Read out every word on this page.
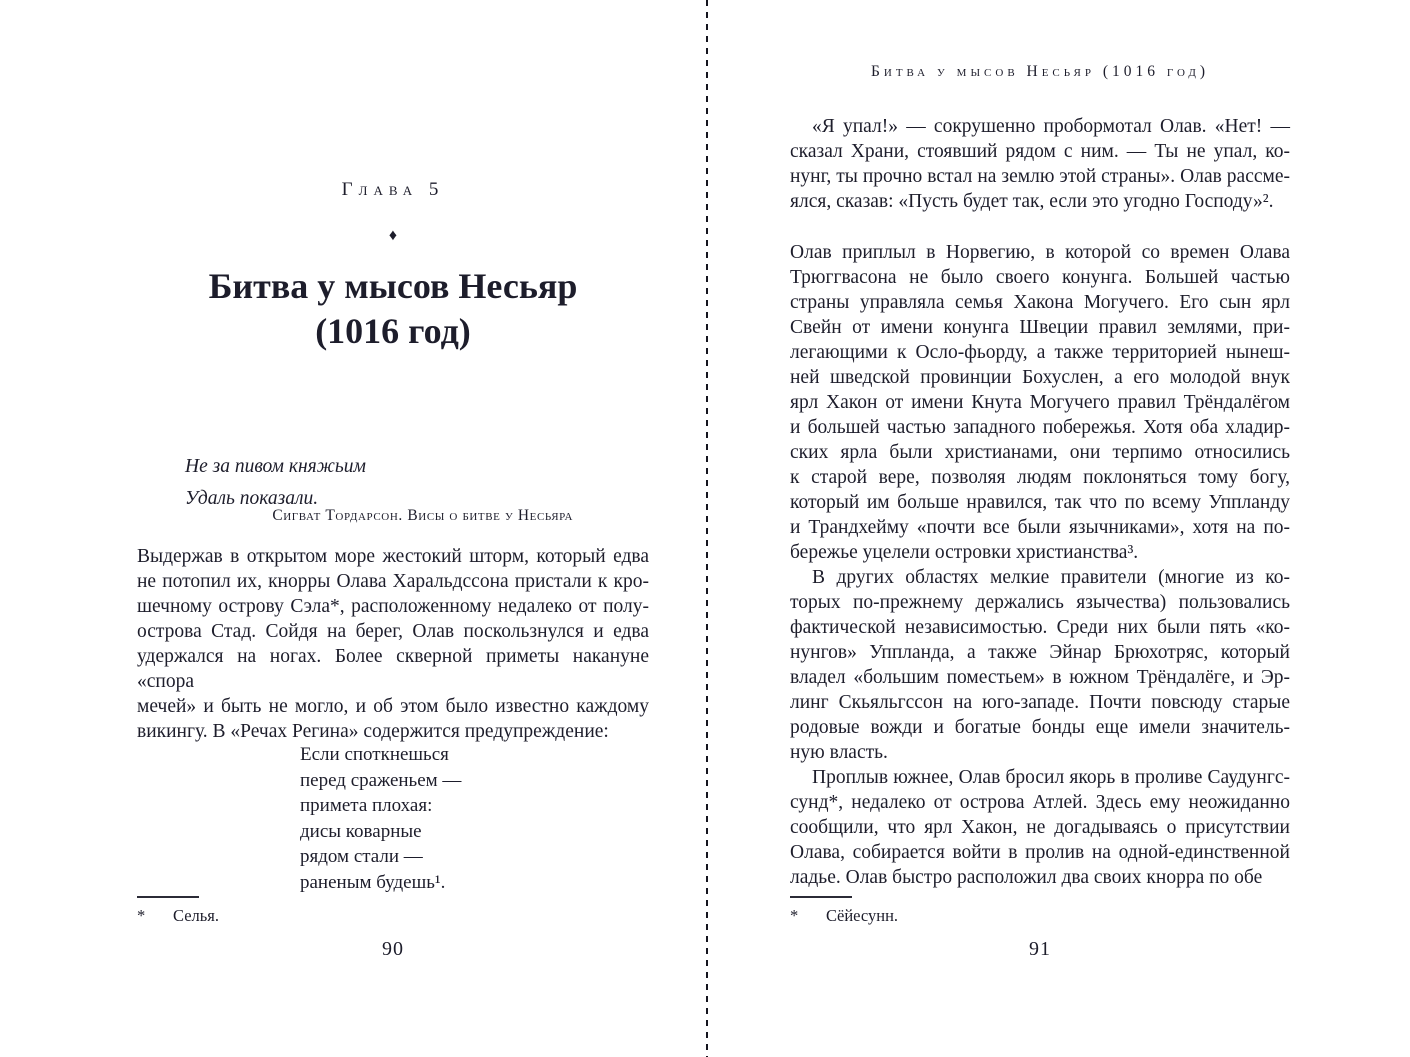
Глава 5
♦
Битва у мысов Несьяр
(1016 год)
Не за пивом княжьим
Удаль показали.
Сигват Тордарсон. Висы о битве у Несьяра
Выдержав в открытом море жестокий шторм, который едва
не потопил их, кнорры Олава Харальдссона пристали к кро-
шечному острову Сэла*, расположенному недалеко от полу-
острова Стад. Сойдя на берег, Олав поскользнулся и едва
удержался на ногах. Более скверной приметы накануне «спора
мечей» и быть не могло, и об этом было известно каждому
викингу. В «Речах Регина» содержится предупреждение:
Если споткнешься
перед сраженьем —
примета плохая:
дисы коварные
рядом стали —
раненым будешь¹.
* Селья.
90
Битва у мысов Несьяр (1016 год)
«Я упал!» — сокрушенно пробормотал Олав. «Нет! —
сказал Храни, стоявший рядом с ним. — Ты не упал, ко-
нунг, ты прочно встал на землю этой страны». Олав рассме-
ялся, сказав: «Пусть будет так, если это угодно Господу»².
Олав приплыл в Норвегию, в которой со времен Олава
Трюггвасона не было своего конунга. Большей частью
страны управляла семья Хакона Могучего. Его сын ярл
Свейн от имени конунга Швеции правил землями, при-
легающими к Осло-фьорду, а также территорией нынеш-
ней шведской провинции Бохуслен, а его молодой внук
ярл Хакон от имени Кнута Могучего правил Трёндалёгом
и большей частью западного побережья. Хотя оба хладир-
ских ярла были христианами, они терпимо относились
к старой вере, позволяя людям поклоняться тому богу,
который им больше нравился, так что по всему Уппланду
и Трандхейму «почти все были язычниками», хотя на по-
бережье уцелели островки христианства³.
В других областях мелкие правители (многие из ко-
торых по-прежнему держались язычества) пользовались
фактической независимостью. Среди них были пять «ко-
нунгов» Уппланда, а также Эйнар Брюхотряс, который
владел «большим поместьем» в южном Трёндалёге, и Эр-
линг Скьяльгссон на юго-западе. Почти повсюду старые
родовые вожди и богатые бонды еще имели значитель-
ную власть.
Проплыв южнее, Олав бросил якорь в проливе Саудунгс-
сунд*, недалеко от острова Атлей. Здесь ему неожиданно
сообщили, что ярл Хакон, не догадываясь о присутствии
Олава, собирается войти в пролив на одной-единственной
ладье. Олав быстро расположил два своих кнорра по обе
* Сёйесунн.
91
